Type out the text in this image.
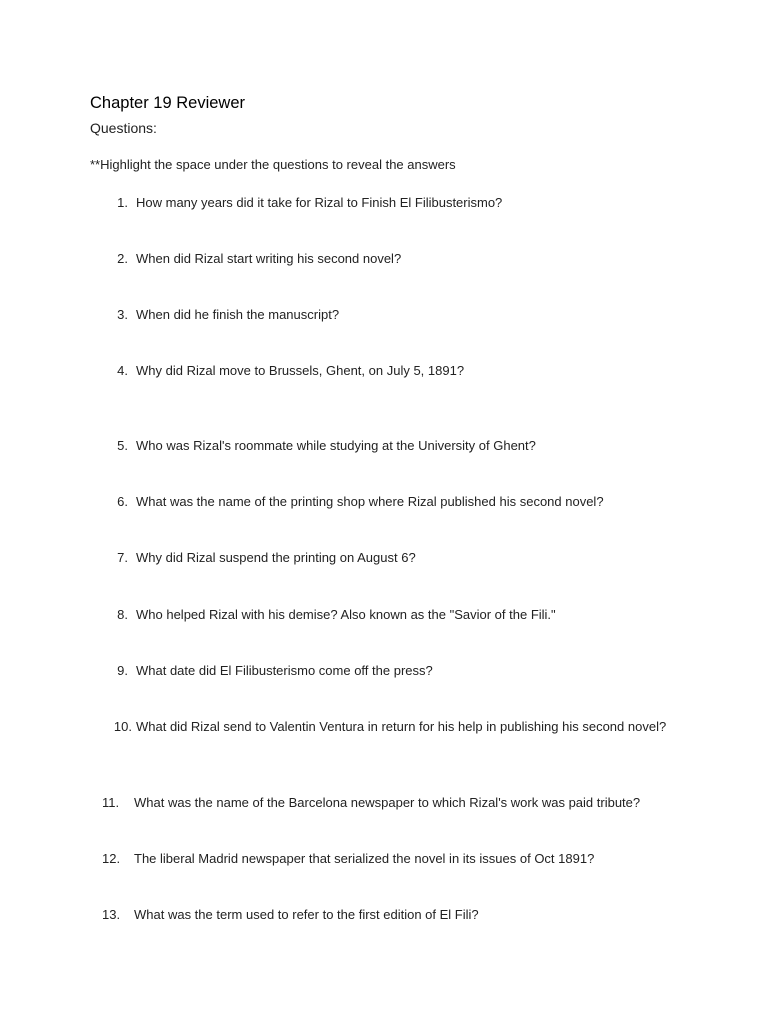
Chapter 19 Reviewer
Questions:
**Highlight the space under the questions to reveal the answers
1. How many years did it take for Rizal to Finish El Filibusterismo?
2. When did Rizal start writing his second novel?
3. When did he finish the manuscript?
4. Why did Rizal move to Brussels, Ghent, on July 5, 1891?
5. Who was Rizal's roommate while studying at the University of Ghent?
6. What was the name of the printing shop where Rizal published his second novel?
7. Why did Rizal suspend the printing on August 6?
8. Who helped Rizal with his demise? Also known as the "Savior of the Fili."
9. What date did El Filibusterismo come off the press?
10. What did Rizal send to Valentin Ventura in return for his help in publishing his second novel?
11.	What was the name of the Barcelona newspaper to which Rizal's work was paid tribute?
12.	The liberal Madrid newspaper that serialized the novel in its issues of Oct 1891?
13.	What was the term used to refer to the first edition of El Fili?
